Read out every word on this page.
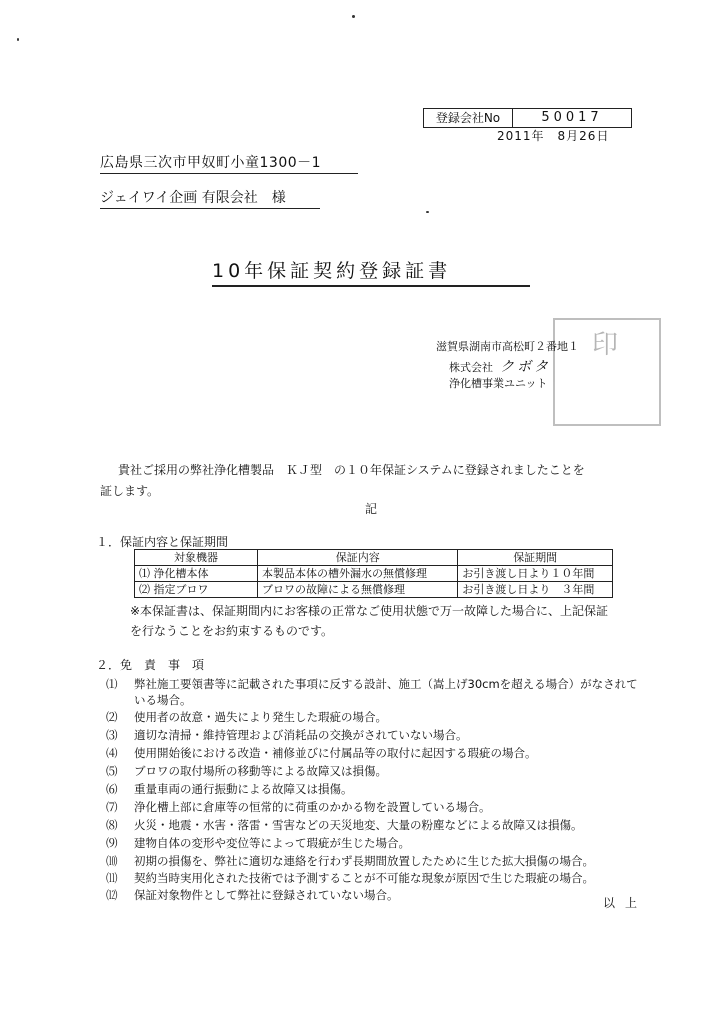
登録会社No	50017
2011年　8月26日
広島県三次市甲奴町小童1300－1
ジェイワイ企画 有限会社　様
10年保証契約登録証書
印
滋賀県湖南市高松町２番地１
株式会社 クボタ
浄化槽事業ユニット
貴社ご採用の弊社浄化槽製品　ＫＪ型　の１０年保証システムに登録されましたことを
証します。
記
１．保証内容と保証期間
対象機器	保証内容	保証期間
⑴ 浄化槽本体	本製品本体の槽外漏水の無償修理	お引き渡し日より１０年間
⑵ 指定ブロワ	ブロワの故障による無償修理	お引き渡し日より　３年間
※本保証書は、保証期間内にお客様の正常なご使用状態で万一故障した場合に、上記保証
を行なうことをお約束するものです。
２．免　責　事　項
⑴ 弊社施工要領書等に記載された事項に反する設計、施工（嵩上げ30cmを超える場合）がなされて
いる場合。
⑵ 使用者の故意・過失により発生した瑕疵の場合。
⑶ 適切な清掃・維持管理および消耗品の交換がされていない場合。
⑷ 使用開始後における改造・補修並びに付属品等の取付に起因する瑕疵の場合。
⑸ ブロワの取付場所の移動等による故障又は損傷。
⑹ 重量車両の通行振動による故障又は損傷。
⑺ 浄化槽上部に倉庫等の恒常的に荷重のかかる物を設置している場合。
⑻ 火災・地震・水害・落雷・雪害などの天災地変、大量の粉塵などによる故障又は損傷。
⑼ 建物自体の変形や変位等によって瑕疵が生じた場合。
⑽ 初期の損傷を、弊社に適切な連絡を行わず長期間放置したために生じた拡大損傷の場合。
⑾ 契約当時実用化された技術では予測することが不可能な現象が原因で生じた瑕疵の場合。
⑿ 保証対象物件として弊社に登録されていない場合。
以上
